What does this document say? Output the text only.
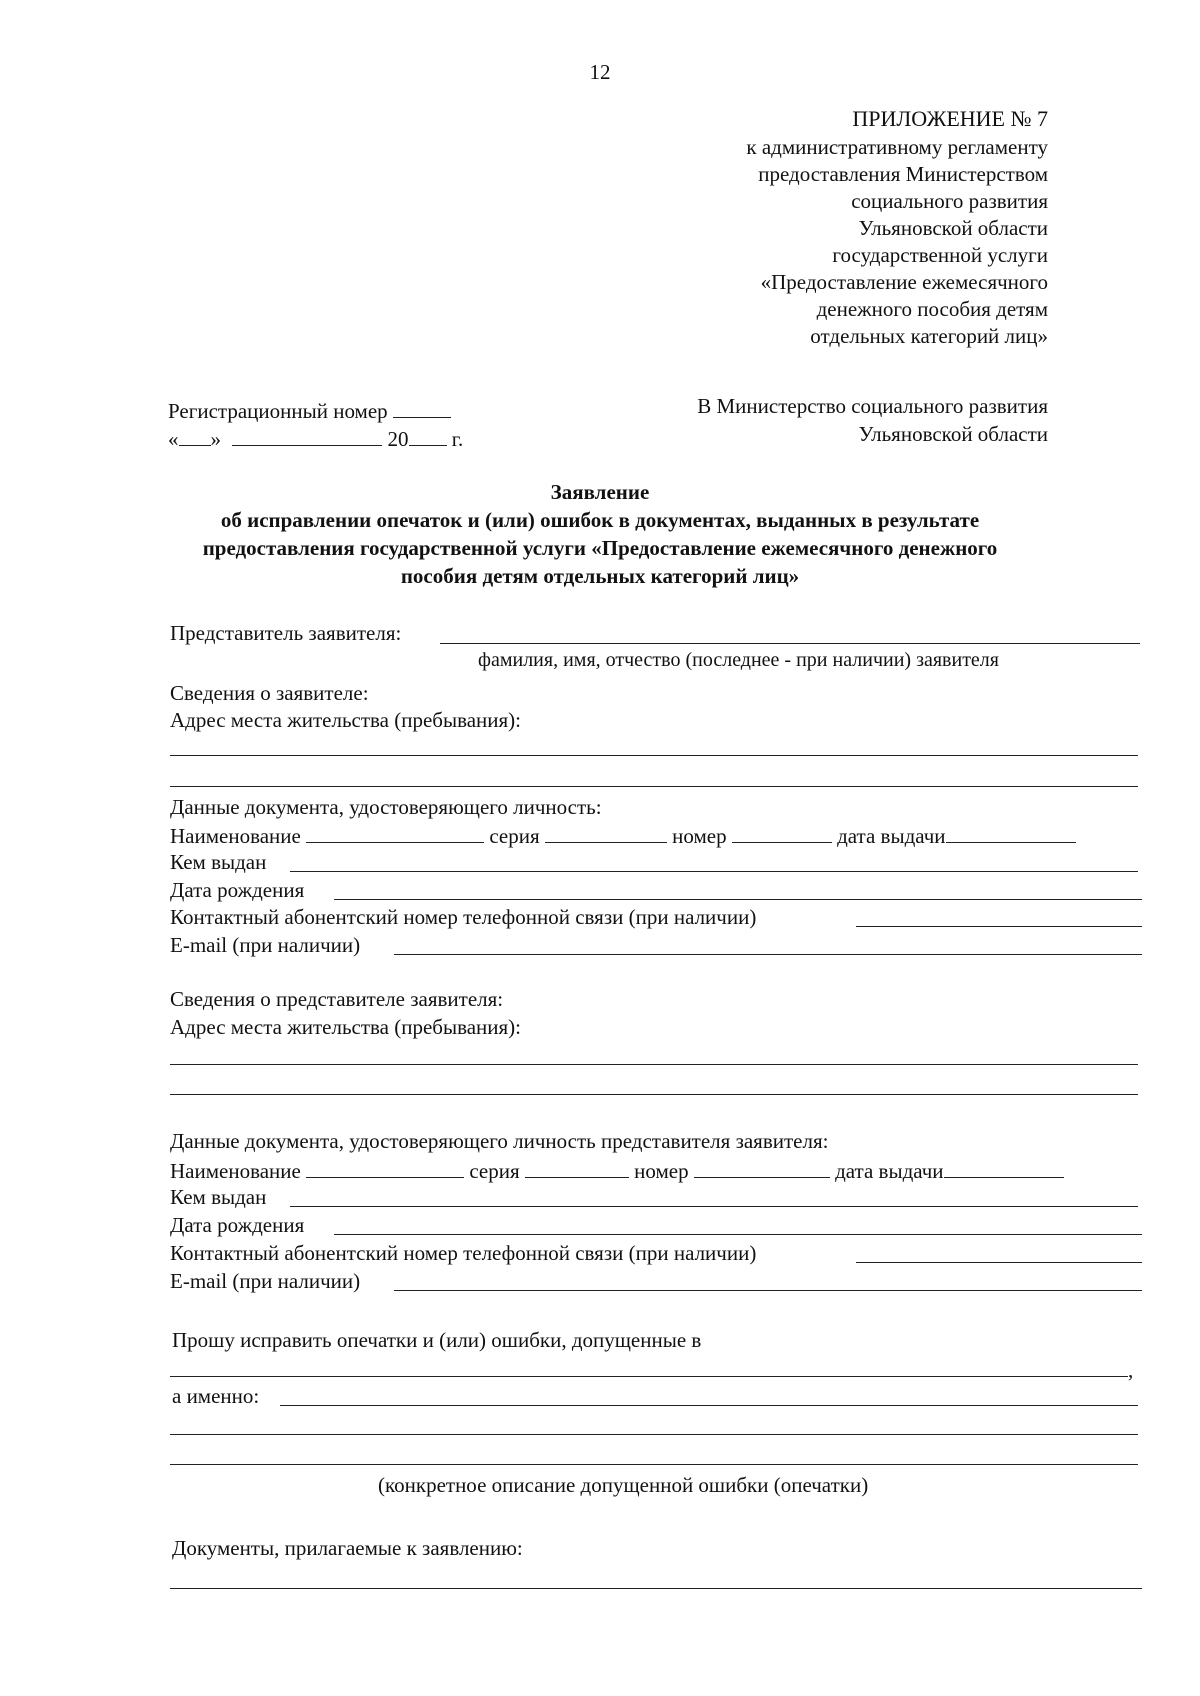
12
ПРИЛОЖЕНИЕ № 7
к административному регламенту
предоставления Министерством
социального развития
Ульяновской области
государственной услуги
«Предоставление ежемесячного
денежного пособия детям
отдельных категорий лиц»
Регистрационный номер
« »	20 г.
В Министерство социального развития
Ульяновской области
Заявление
об исправлении опечаток и (или) ошибок в документах, выданных в результате
предоставления государственной услуги «Предоставление ежемесячного денежного
пособия детям отдельных категорий лиц»
Представитель заявителя:
фамилия, имя, отчество (последнее - при наличии) заявителя
Сведения о заявителе:
Адрес места жительства (пребывания):
Данные документа, удостоверяющего личность:
Наименование	серия	номер	дата выдачи
Кем выдан
Дата рождения
Контактный абонентский номер телефонной связи (при наличии)
E-mail (при наличии)
Сведения о представителе заявителя:
Адрес места жительства (пребывания):
Данные документа, удостоверяющего личность представителя заявителя:
Наименование	серия	номер	дата выдачи
Кем выдан
Дата рождения
Контактный абонентский номер телефонной связи (при наличии)
E-mail (при наличии)
Прошу исправить опечатки и (или) ошибки, допущенные в
,
а именно:
(конкретное описание допущенной ошибки (опечатки)
Документы, прилагаемые к заявлению:
